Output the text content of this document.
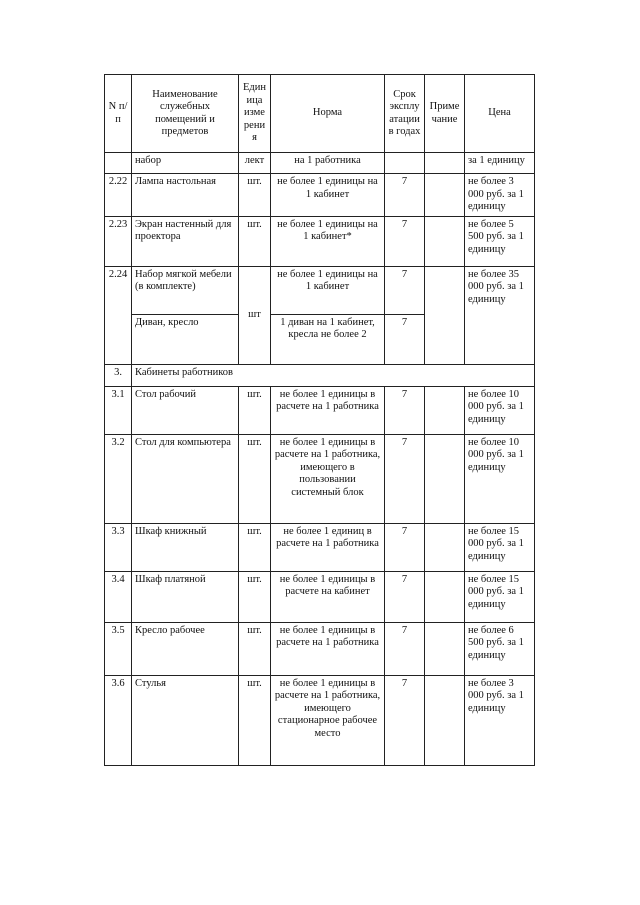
N п/п	Наименование служебных помещений и предметов	Единица измерения	Норма	Срок эксплуатации в годах	Примечание	Цена
	набор	лект	на 1 работника			за 1 единицу
2.22	Лампа настольная	шт.	не более 1 единицы на 1 кабинет	7		не более 3 000 руб. за 1 единицу
2.23	Экран настенный для проектора	шт.	не более 1 единицы на 1 кабинет*	7		не более 5 500 руб. за 1 единицу
2.24	Набор мягкой мебели (в комплекте)	шт	не более 1 единицы на 1 кабинет	7		не более 35 000 руб. за 1 единицу
	Диван, кресло		1 диван на 1 кабинет, кресла не более 2	7		
3.	Кабинеты работников					
3.1	Стол рабочий	шт.	не более 1 единицы в расчете на 1 работника	7		не более 10 000 руб. за 1 единицу
3.2	Стол для компьютера	шт.	не более 1 единицы в расчете на 1 работника, имеющего в пользовании системный блок	7		не более 10 000 руб. за 1 единицу
3.3	Шкаф книжный	шт.	не более 1 единиц в расчете на 1 работника	7		не более 15 000 руб. за 1 единицу
3.4	Шкаф платяной	шт.	не более 1 единицы в расчете на кабинет	7		не более 15 000 руб. за 1 единицу
3.5	Кресло рабочее	шт.	не более 1 единицы в расчете на 1 работника	7		не более 6 500 руб. за 1 единицу
3.6	Стулья	шт.	не более 1 единицы в расчете на 1 работника, имеющего стационарное рабочее место	7		не более 3 000 руб. за 1 единицу
